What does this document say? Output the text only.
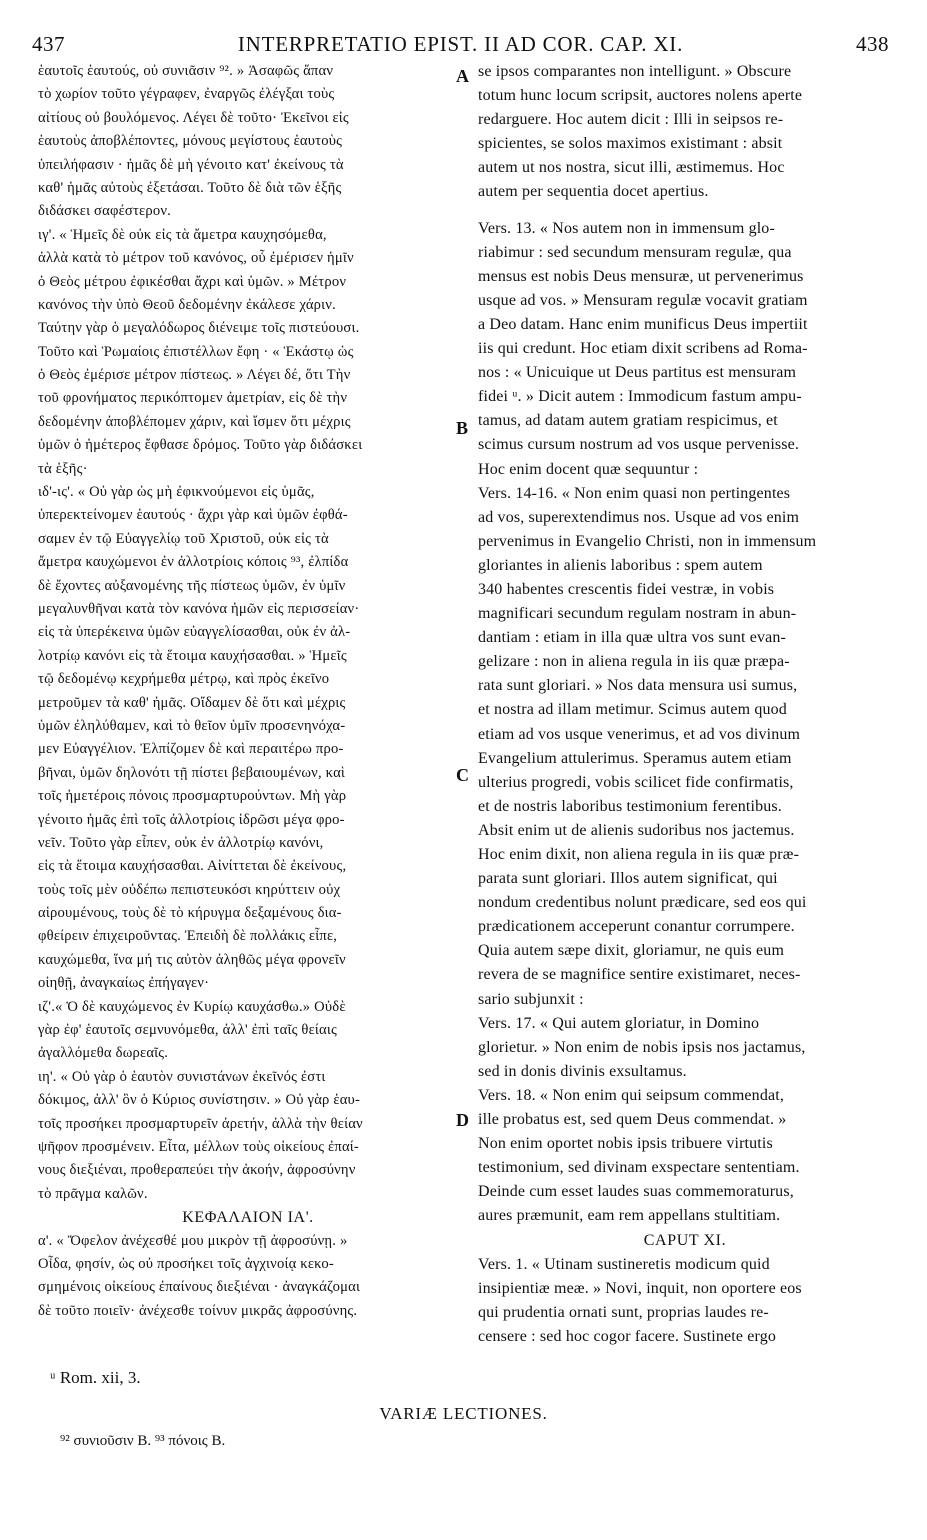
437	INTERPRETATIO EPIST. II AD COR. CAP. XI.	438
ἑαυτοῖς ἑαυτούς, οὐ συνιᾶσιν ⁹². » Ἀσαφῶς ἅπαν
τὸ χωρίον τοῦτο γέγραφεν, ἐναργῶς ἐλέγξαι τοὺς
αἰτίους οὐ βουλόμενος. Λέγει δὲ τοῦτο· Ἐκεῖνοι εἰς
ἑαυτοὺς ἀποβλέποντες, μόνους μεγίστους ἑαυτοὺς
ὑπειλήφασιν · ἡμᾶς δὲ μὴ γένοιτο κατ' ἐκείνους τὰ
καθ' ἡμᾶς αὐτοὺς ἐξετάσαι. Τοῦτο δὲ διὰ τῶν ἑξῆς
διδάσκει σαφέστερον.
ιγ'. « Ἡμεῖς δὲ οὐκ εἰς τὰ ἄμετρα καυχησόμεθα,
ἀλλὰ κατὰ τὸ μέτρον τοῦ κανόνος, οὗ ἐμέρισεν ἡμῖν
ὁ Θεὸς μέτρου ἐφικέσθαι ἄχρι καὶ ὑμῶν. » Μέτρον
κανόνος τὴν ὑπὸ Θεοῦ δεδομένην ἐκάλεσε χάριν.
Ταύτην γὰρ ὁ μεγαλόδωρος διένειμε τοῖς πιστεύουσι.
Τοῦτο καὶ Ῥωμαίοις ἐπιστέλλων ἔφη · « Ἑκάστῳ ὡς
ὁ Θεὸς ἐμέρισε μέτρον πίστεως. » Λέγει δέ, ὅτι Τὴν
τοῦ φρονήματος περικόπτομεν ἀμετρίαν, εἰς δὲ τὴν
δεδομένην ἀποβλέπομεν χάριν, καὶ ἴσμεν ὅτι μέχρις
ὑμῶν ὁ ἡμέτερος ἔφθασε δρόμος. Τοῦτο γὰρ διδάσκει
τὰ ἑξῆς·
ιδ'-ις'. « Οὐ γὰρ ὡς μὴ ἐφικνούμενοι εἰς ὑμᾶς,
ὑπερεκτείνομεν ἑαυτούς · ἄχρι γὰρ καὶ ὑμῶν ἐφθά-
σαμεν ἐν τῷ Εὐαγγελίῳ τοῦ Χριστοῦ, οὐκ εἰς τὰ
ἄμετρα καυχώμενοι ἐν ἀλλοτρίοις κόποις ⁹³, ἐλπίδα
δὲ ἔχοντες αὐξανομένης τῆς πίστεως ὑμῶν, ἐν ὑμῖν
μεγαλυνθῆναι κατὰ τὸν κανόνα ἡμῶν εἰς περισσείαν·
εἰς τὰ ὑπερέκεινα ὑμῶν εὐαγγελίσασθαι, οὐκ ἐν ἀλ-
λοτρίῳ κανόνι εἰς τὰ ἕτοιμα καυχήσασθαι. » Ἡμεῖς
τῷ δεδομένῳ κεχρήμεθα μέτρῳ, καὶ πρὸς ἐκεῖνο
μετροῦμεν τὰ καθ' ἡμᾶς. Οἴδαμεν δὲ ὅτι καὶ μέχρις
ὑμῶν ἐληλύθαμεν, καὶ τὸ θεῖον ὑμῖν προσενηνόχα-
μεν Εὐαγγέλιον. Ἐλπίζομεν δὲ καὶ περαιτέρω προ-
βῆναι, ὑμῶν δηλονότι τῇ πίστει βεβαιουμένων, καὶ
τοῖς ἡμετέροις πόνοις προσμαρτυρούντων. Μὴ γὰρ
γένοιτο ἡμᾶς ἐπὶ τοῖς ἀλλοτρίοις ἱδρῶσι μέγα φρο-
νεῖν. Τοῦτο γὰρ εἶπεν, οὐκ ἐν ἀλλοτρίῳ κανόνι,
εἰς τὰ ἕτοιμα καυχήσασθαι. Αἰνίττεται δὲ ἐκείνους,
τοὺς τοῖς μὲν οὐδέπω πεπιστευκόσι κηρύττειν οὐχ
αἱρουμένους, τοὺς δὲ τὸ κήρυγμα δεξαμένους δια-
φθείρειν ἐπιχειροῦντας. Ἐπειδὴ δὲ πολλάκις εἶπε,
καυχώμεθα, ἵνα μή τις αὐτὸν ἀληθῶς μέγα φρονεῖν
οἰηθῇ, ἀναγκαίως ἐπήγαγεν·
ιζ'.« Ὁ δὲ καυχώμενος ἐν Κυρίῳ καυχάσθω.» Οὐδὲ
γὰρ ἐφ' ἑαυτοῖς σεμνυνόμεθα, ἀλλ' ἐπὶ ταῖς θείαις
ἀγαλλόμεθα δωρεαῖς.
ιη'. « Οὐ γὰρ ὁ ἑαυτὸν συνιστάνων ἐκεῖνός ἐστι
δόκιμος, ἀλλ' ὃν ὁ Κύριος συνίστησιν. » Οὐ γὰρ ἑαυ-
τοῖς προσήκει προσμαρτυρεῖν ἀρετήν, ἀλλὰ τὴν θείαν
ψῆφον προσμένειν. Εἶτα, μέλλων τοὺς οἰκείους ἐπαί-
νους διεξιέναι, προθεραπεύει τὴν ἀκοήν, ἀφροσύνην
τὸ πρᾶγμα καλῶν.
ΚΕΦΑΛΑΙΟΝ ΙΑ'.
α'. « Ὄφελον ἀνέχεσθέ μου μικρὸν τῇ ἀφροσύνῃ. »
Οἶδα, φησίν, ὡς οὐ προσήκει τοῖς ἀγχινοίᾳ κεκο-
σμημένοις οἰκείους ἐπαίνους διεξιέναι · ἀναγκάζομαι
δὲ τοῦτο ποιεῖν· ἀνέχεσθε τοίνυν μικρᾶς ἀφροσύνης.
se ipsos comparantes non intelligunt. » Obscure
totum hunc locum scripsit, auctores nolens aperte
redarguere. Hoc autem dicit : Illi in seipsos re-
spicientes, se solos maximos existimant : absit
autem ut nos nostra, sicut illi, æstimemus. Hoc
autem per sequentia docet apertius.
Vers. 13. « Nos autem non in immensum glo-
riabimur : sed secundum mensuram regulæ, qua
mensus est nobis Deus mensuræ, ut pervenerimus
usque ad vos. » Mensuram regulæ vocavit gratiam
a Deo datam. Hanc enim munificus Deus impertiit
iis qui credunt. Hoc etiam dixit scribens ad Roma-
nos : « Unicuique ut Deus partitus est mensuram
fidei ᵘ. » Dicit autem : Immodicum fastum ampu-
tamus, ad datam autem gratiam respicimus, et
scimus cursum nostrum ad vos usque pervenisse.
Hoc enim docent quæ sequuntur :
Vers. 14-16. « Non enim quasi non pertingentes
ad vos, superextendimus nos. Usque ad vos enim
pervenimus in Evangelio Christi, non in immensum
gloriantes in alienis laboribus : spem autem
340 habentes crescentis fidei vestræ, in vobis
magnificari secundum regulam nostram in abun-
dantiam : etiam in illa quæ ultra vos sunt evan-
gelizare : non in aliena regula in iis quæ præpa-
rata sunt gloriari. » Nos data mensura usi sumus,
et nostra ad illam metimur. Scimus autem quod
etiam ad vos usque venerimus, et ad vos divinum
Evangelium attulerimus. Speramus autem etiam
ulterius progredi, vobis scilicet fide confirmatis,
et de nostris laboribus testimonium ferentibus.
Absit enim ut de alienis sudoribus nos jactemus.
Hoc enim dixit, non aliena regula in iis quæ præ-
parata sunt gloriari. Illos autem significat, qui
nondum credentibus nolunt prædicare, sed eos qui
prædicationem acceperunt conantur corrumpere.
Quia autem sæpe dixit, gloriamur, ne quis eum
revera de se magnifice sentire existimaret, neces-
sario subjunxit :
Vers. 17. « Qui autem gloriatur, in Domino
glorietur. » Non enim de nobis ipsis nos jactamus,
sed in donis divinis exsultamus.
Vers. 18. « Non enim qui seipsum commendat,
ille probatus est, sed quem Deus commendat. »
Non enim oportet nobis ipsis tribuere virtutis
testimonium, sed divinam exspectare sententiam.
Deinde cum esset laudes suas commemoraturus,
aures præmunit, eam rem appellans stultitiam.
CAPUT XI.
Vers. 1. « Utinam sustineretis modicum quid
insipientiæ meæ. » Novi, inquit, non oportere eos
qui prudentia ornati sunt, proprias laudes re-
censere : sed hoc cogor facere. Sustinete ergo
A
B
C
D
ᵘ Rom. xii, 3.
VARIÆ LECTIONES.
⁹² συνιοῦσιν B. ⁹³ πόνοις B.
